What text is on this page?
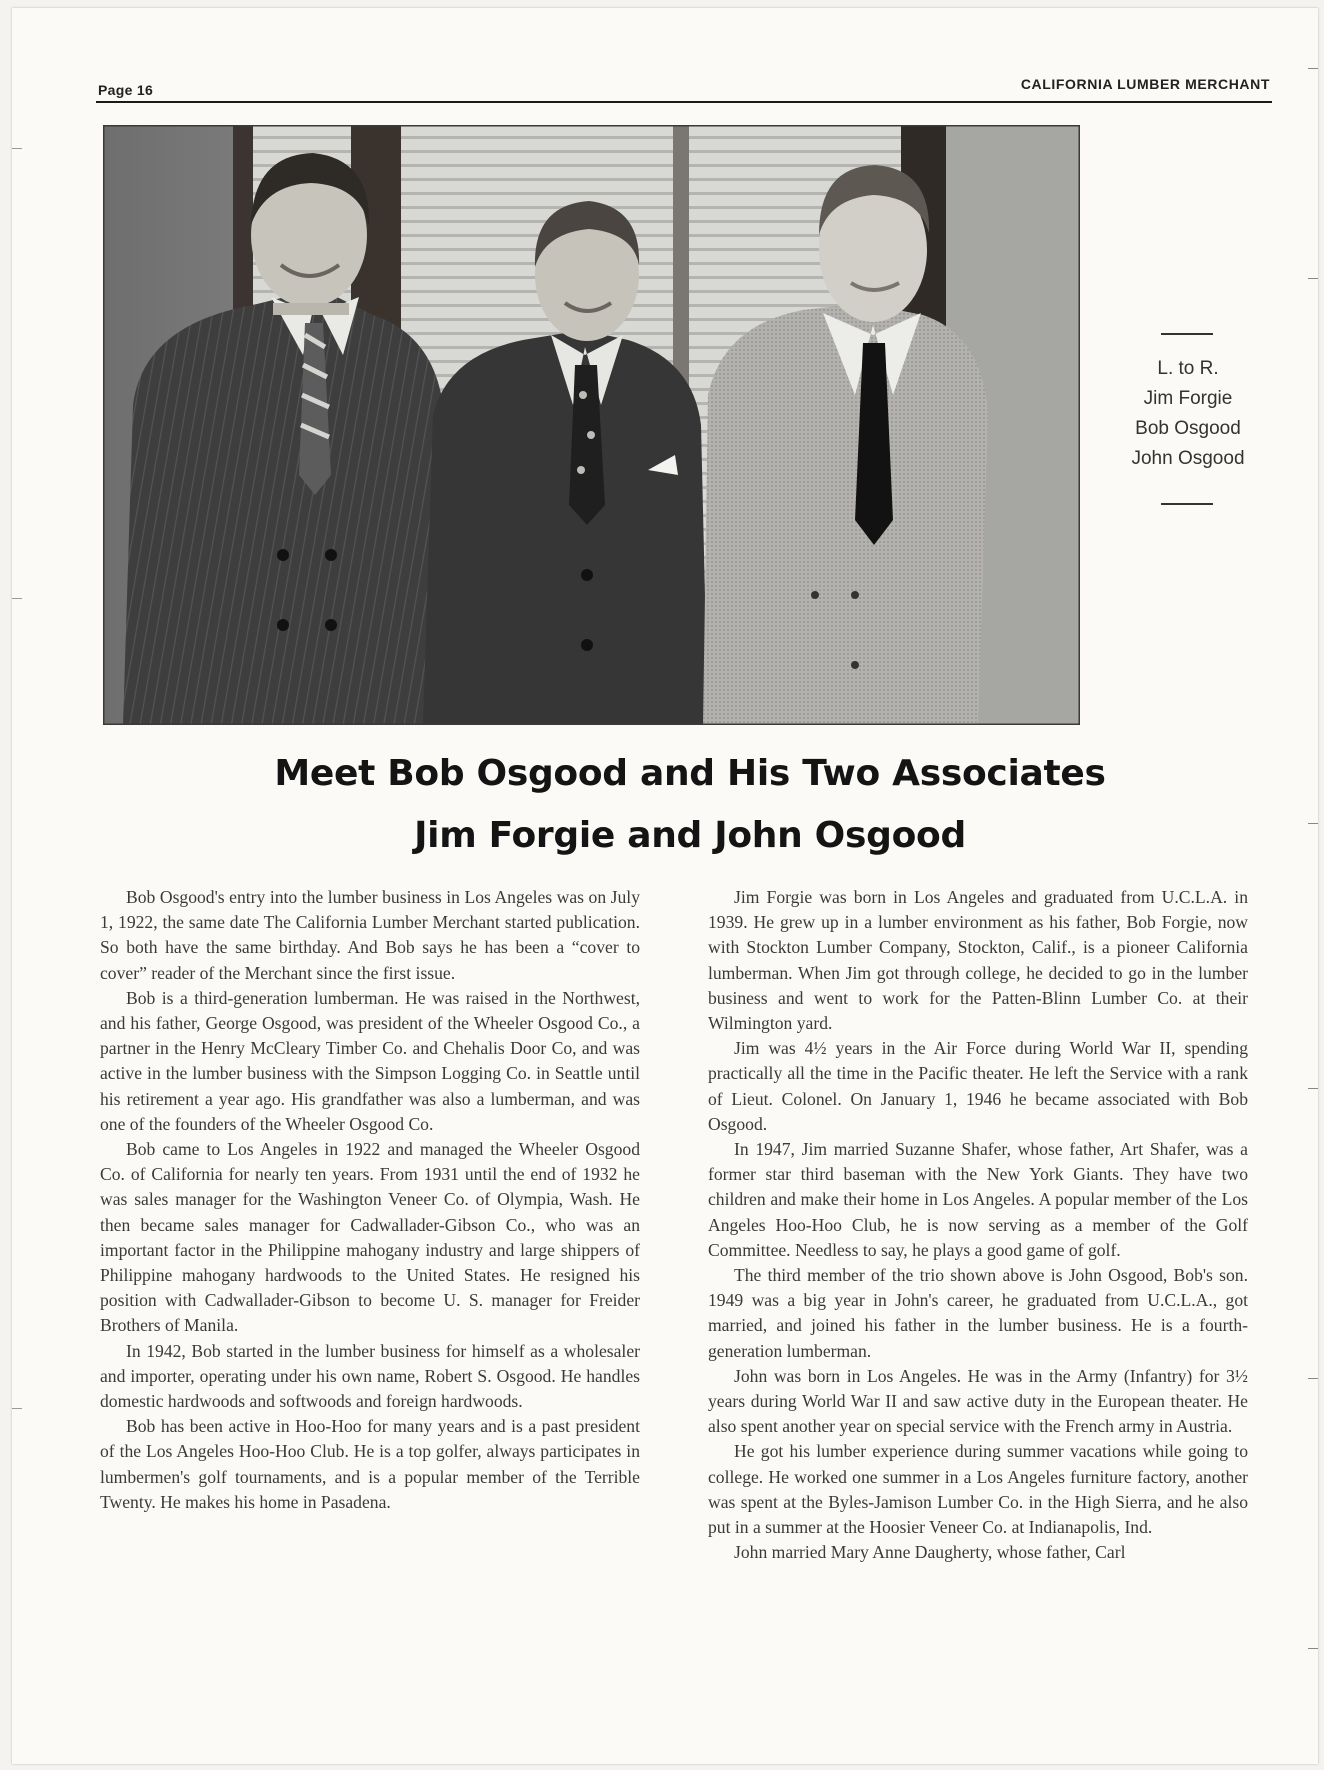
Page 16	CALIFORNIA LUMBER MERCHANT
L. to R.
Jim Forgie
Bob Osgood
John Osgood
Meet Bob Osgood and His Two Associates
Jim Forgie and John Osgood

Bob Osgood's entry into the lumber business in Los Angeles was on July 1, 1922, the same date The California Lumber Merchant started publication. So both have the same birthday. And Bob says he has been a “cover to cover” reader of the Merchant since the first issue.

Bob is a third-generation lumberman. He was raised in the Northwest, and his father, George Osgood, was president of the Wheeler Osgood Co., a partner in the Henry McCleary Timber Co. and Chehalis Door Co, and was active in the lumber business with the Simpson Logging Co. in Seattle until his retirement a year ago. His grandfather was also a lumberman, and was one of the founders of the Wheeler Osgood Co.

Bob came to Los Angeles in 1922 and managed the Wheeler Osgood Co. of California for nearly ten years. From 1931 until the end of 1932 he was sales manager for the Washington Veneer Co. of Olympia, Wash. He then became sales manager for Cadwallader-Gibson Co., who was an important factor in the Philippine mahogany industry and large shippers of Philippine mahogany hardwoods to the United States. He resigned his position with Cadwallader-Gibson to become U. S. manager for Freider Brothers of Manila.

In 1942, Bob started in the lumber business for himself as a wholesaler and importer, operating under his own name, Robert S. Osgood. He handles domestic hardwoods and softwoods and foreign hardwoods.

Bob has been active in Hoo-Hoo for many years and is a past president of the Los Angeles Hoo-Hoo Club. He is a top golfer, always participates in lumbermen's golf tournaments, and is a popular member of the Terrible Twenty. He makes his home in Pasadena.

Jim Forgie was born in Los Angeles and graduated from U.C.L.A. in 1939. He grew up in a lumber environment as his father, Bob Forgie, now with Stockton Lumber Company, Stockton, Calif., is a pioneer California lumberman. When Jim got through college, he decided to go in the lumber business and went to work for the Patten-Blinn Lumber Co. at their Wilmington yard.

Jim was 4½ years in the Air Force during World War II, spending practically all the time in the Pacific theater. He left the Service with a rank of Lieut. Colonel. On January 1, 1946 he became associated with Bob Osgood.

In 1947, Jim married Suzanne Shafer, whose father, Art Shafer, was a former star third baseman with the New York Giants. They have two children and make their home in Los Angeles. A popular member of the Los Angeles Hoo-Hoo Club, he is now serving as a member of the Golf Committee. Needless to say, he plays a good game of golf.

The third member of the trio shown above is John Osgood, Bob's son. 1949 was a big year in John's career, he graduated from U.C.L.A., got married, and joined his father in the lumber business. He is a fourth-generation lumberman.

John was born in Los Angeles. He was in the Army (Infantry) for 3½ years during World War II and saw active duty in the European theater. He also spent another year on special service with the French army in Austria.

He got his lumber experience during summer vacations while going to college. He worked one summer in a Los Angeles furniture factory, another was spent at the Byles-Jamison Lumber Co. in the High Sierra, and he also put in a summer at the Hoosier Veneer Co. at Indianapolis, Ind.

John married Mary Anne Daugherty, whose father, Carl
